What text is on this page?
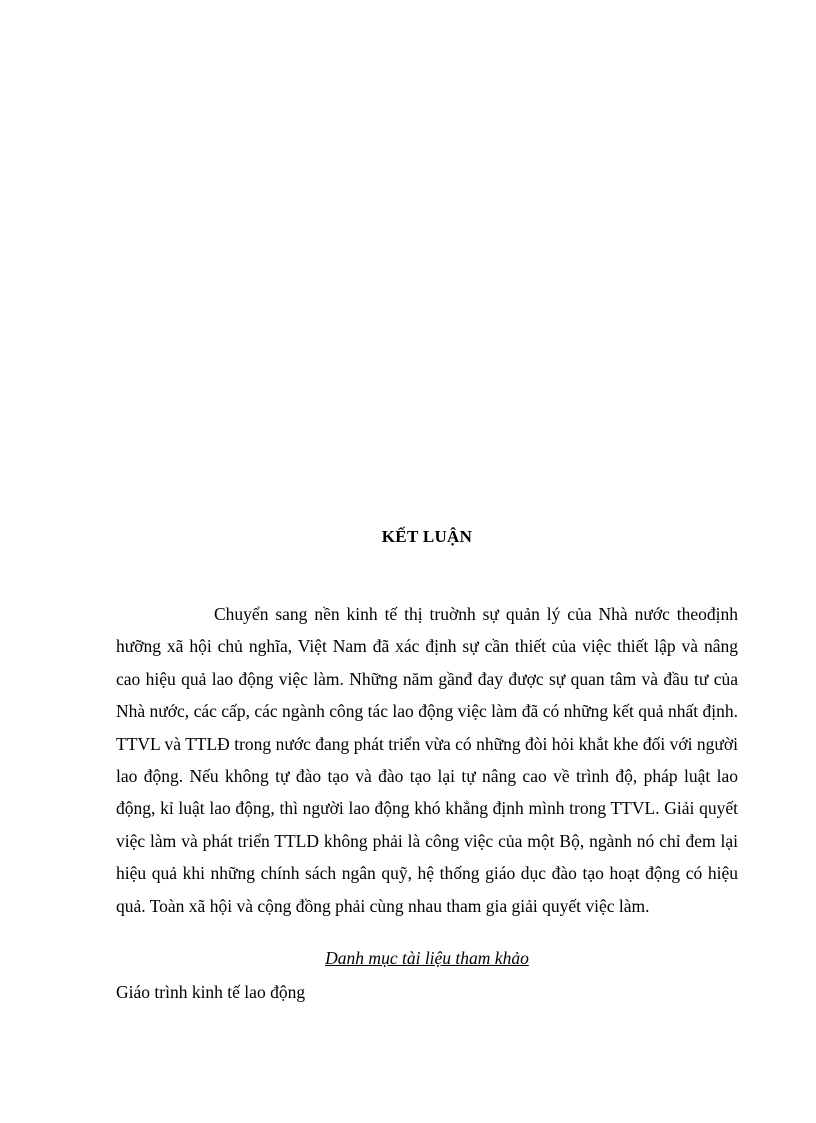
KẾT LUẬN

Chuyển sang nền kinh tế thị truờnh sự quản lý của Nhà nước theođịnh hưỡng xã hội chủ nghĩa, Việt Nam đã xác định sự cần thiết của việc thiết lập và nâng cao hiệu quả lao động việc làm. Những năm gầnđ đay được sự quan tâm và đầu tư của Nhà nước, các cấp, các ngành công tác lao động việc làm đã có những kết quả nhất định. TTVL và TTLĐ trong nước đang phát triển vừa có những đòi hỏi khắt khe đối với người lao động. Nếu không tự đào tạo và đào tạo lại tự nâng cao về trình độ, pháp luật lao động, kỉ luật lao động, thì người lao động khó khẳng định mình trong TTVL. Giải quyết việc làm và phát triển TTLD không phải là công việc của một Bộ, ngành nó chỉ đem lại hiệu quả khi những chính sách ngân quỹ, hệ thống giáo dục đào tạo hoạt động có hiệu quả. Toàn xã hội và cộng đồng phải cùng nhau tham gia giải quyết việc làm.

Danh mục tài liệu tham khảo

Giáo trình kinh tế lao động
